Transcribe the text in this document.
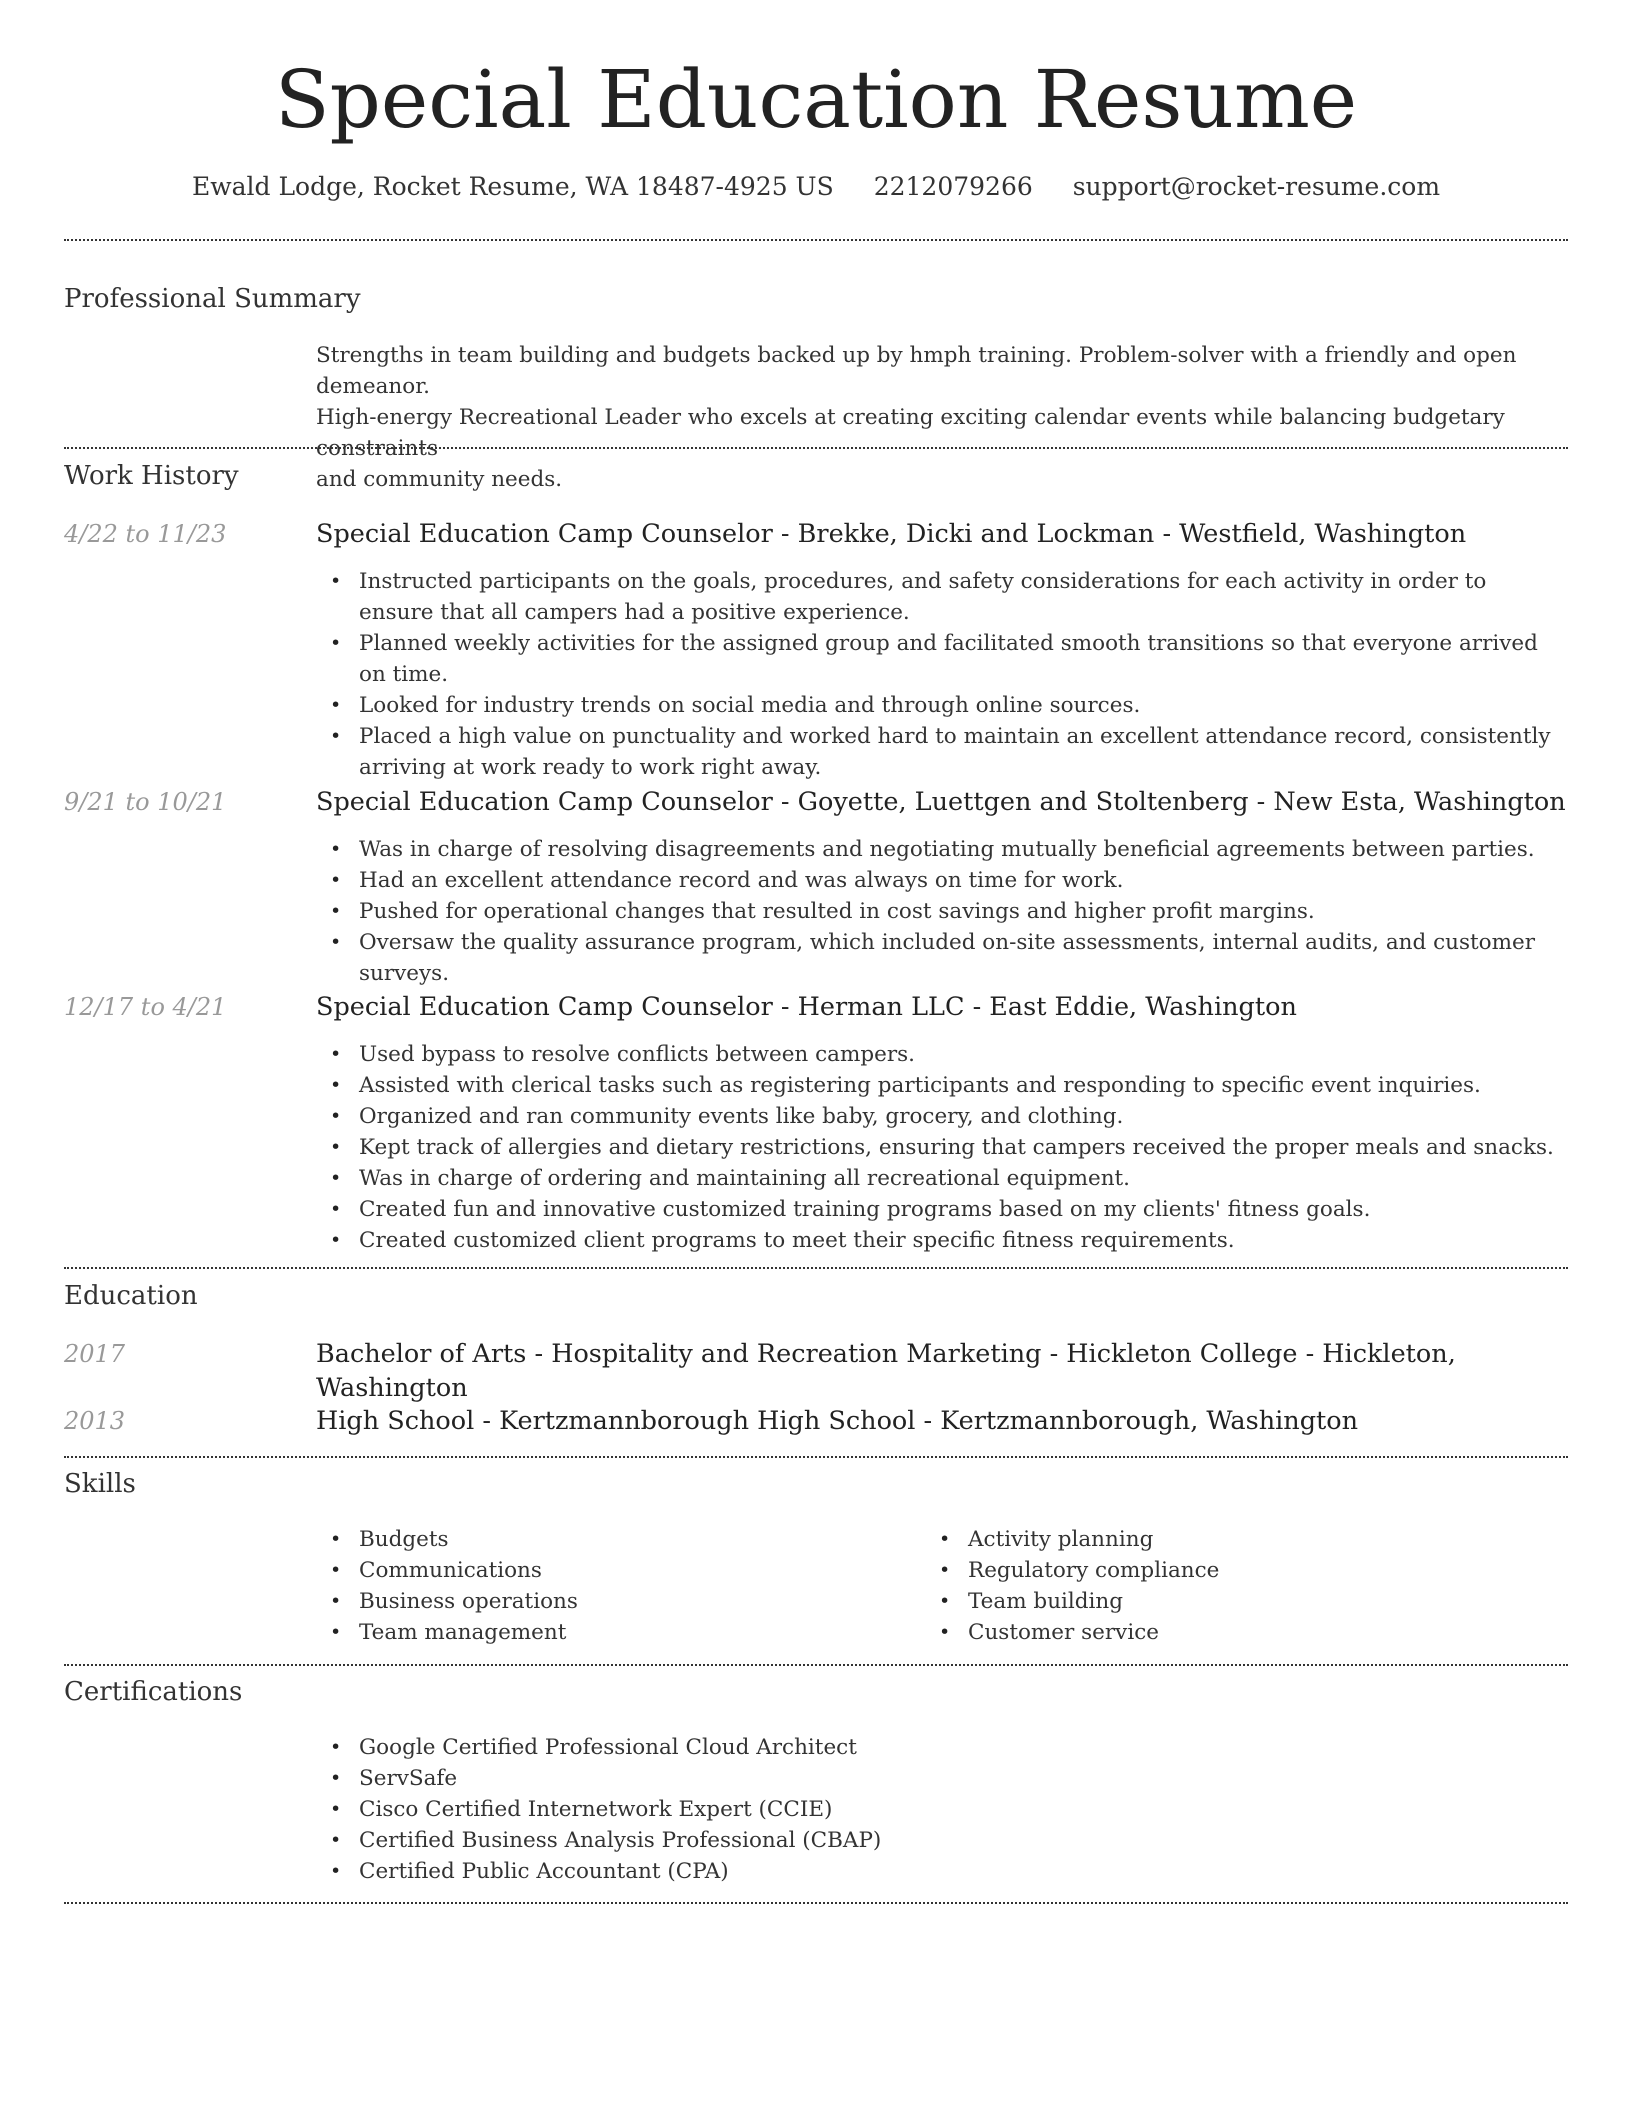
Special Education Resume
Ewald Lodge, Rocket Resume, WA 18487-4925 US 2212079266 support@rocket-resume.com
Professional Summary
Strengths in team building and budgets backed up by hmph training. Problem-solver with a friendly and open demeanor.
High-energy Recreational Leader who excels at creating exciting calendar events while balancing budgetary constraints
and community needs.
Work History
4/22 to 11/23	Special Education Camp Counselor - Brekke, Dicki and Lockman - Westfield, Washington
• Instructed participants on the goals, procedures, and safety considerations for each activity in order to ensure that all campers had a positive experience.
• Planned weekly activities for the assigned group and facilitated smooth transitions so that everyone arrived on time.
• Looked for industry trends on social media and through online sources.
• Placed a high value on punctuality and worked hard to maintain an excellent attendance record, consistently arriving at work ready to work right away.
9/21 to 10/21	Special Education Camp Counselor - Goyette, Luettgen and Stoltenberg - New Esta, Washington
• Was in charge of resolving disagreements and negotiating mutually beneficial agreements between parties.
• Had an excellent attendance record and was always on time for work.
• Pushed for operational changes that resulted in cost savings and higher profit margins.
• Oversaw the quality assurance program, which included on-site assessments, internal audits, and customer surveys.
12/17 to 4/21	Special Education Camp Counselor - Herman LLC - East Eddie, Washington
• Used bypass to resolve conflicts between campers.
• Assisted with clerical tasks such as registering participants and responding to specific event inquiries.
• Organized and ran community events like baby, grocery, and clothing.
• Kept track of allergies and dietary restrictions, ensuring that campers received the proper meals and snacks.
• Was in charge of ordering and maintaining all recreational equipment.
• Created fun and innovative customized training programs based on my clients' fitness goals.
• Created customized client programs to meet their specific fitness requirements.
Education
2017	Bachelor of Arts - Hospitality and Recreation Marketing - Hickleton College - Hickleton, Washington
2013	High School - Kertzmannborough High School - Kertzmannborough, Washington
Skills
• Budgets
• Communications
• Business operations
• Team management
• Activity planning
• Regulatory compliance
• Team building
• Customer service
Certifications
• Google Certified Professional Cloud Architect
• ServSafe
• Cisco Certified Internetwork Expert (CCIE)
• Certified Business Analysis Professional (CBAP)
• Certified Public Accountant (CPA)
